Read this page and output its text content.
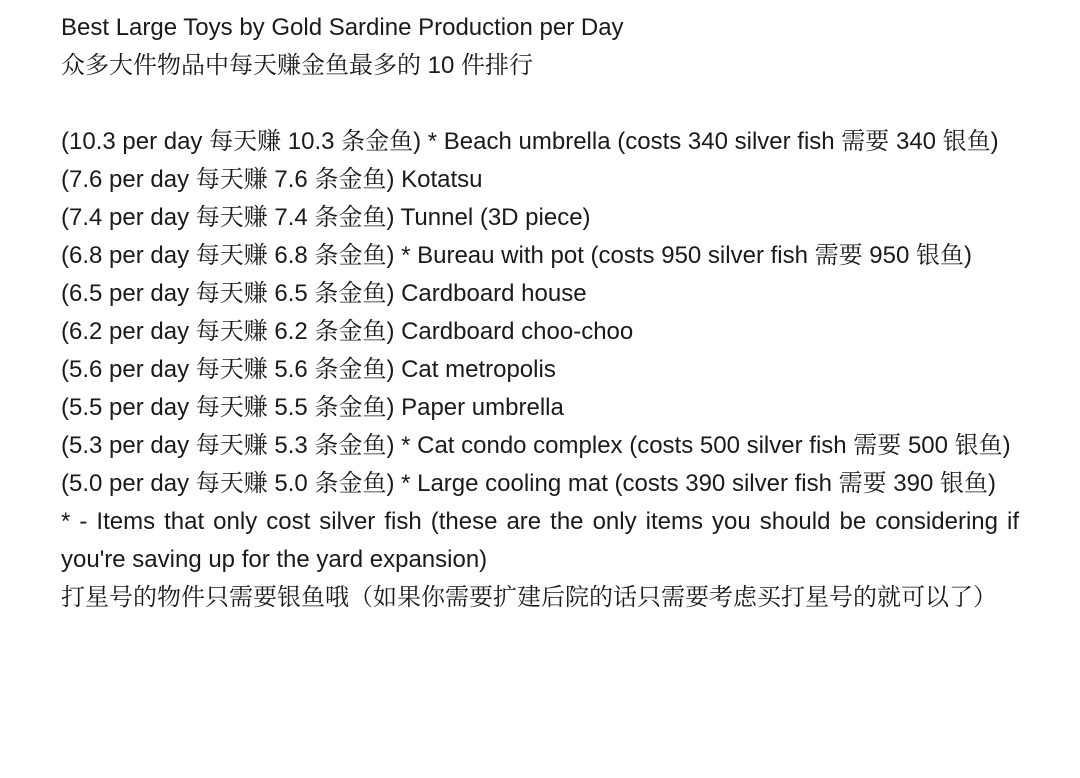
Best Large Toys by Gold Sardine Production per Day

众多大件物品中每天赚金鱼最多的 10 件排行

(10.3 per day 每天赚 10.3 条金鱼) * Beach umbrella (costs 340 silver fish 需要 340 银鱼)

(7.6 per day 每天赚 7.6 条金鱼) Kotatsu

(7.4 per day 每天赚 7.4 条金鱼) Tunnel (3D piece)

(6.8 per day 每天赚 6.8 条金鱼) * Bureau with pot (costs 950 silver fish 需要 950 银鱼)

(6.5 per day 每天赚 6.5 条金鱼) Cardboard house

(6.2 per day 每天赚 6.2 条金鱼) Cardboard choo-choo

(5.6 per day 每天赚 5.6 条金鱼) Cat metropolis

(5.5 per day 每天赚 5.5 条金鱼) Paper umbrella

(5.3 per day 每天赚 5.3 条金鱼) * Cat condo complex (costs 500 silver fish 需要 500 银鱼)

(5.0 per day 每天赚 5.0 条金鱼) * Large cooling mat (costs 390 silver fish 需要 390 银鱼)

* - Items that only cost silver fish (these are the only items you should be considering if you're saving up for the yard expansion)

打星号的物件只需要银鱼哦（如果你需要扩建后院的话只需要考虑买打星号的就可以了）
